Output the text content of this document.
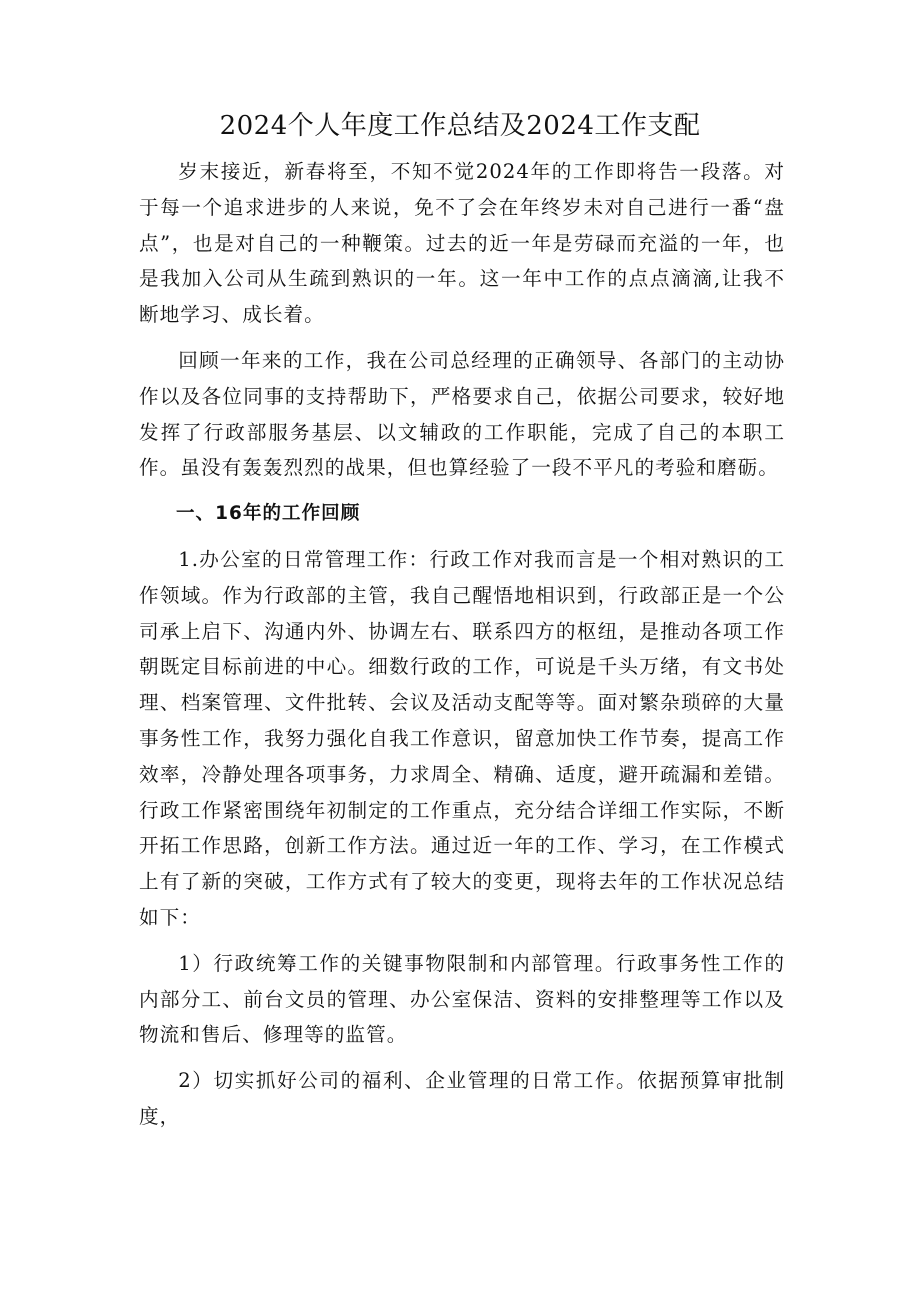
2024个人年度工作总结及2024工作支配

岁末接近，新春将至，不知不觉2024年的工作即将告一段落。对于每一个追求进步的人来说，免不了会在年终岁未对自己进行一番“盘点”，也是对自己的一种鞭策。过去的近一年是劳碌而充溢的一年，也是我加入公司从生疏到熟识的一年。这一年中工作的点点滴滴,让我不断地学习、成长着。

回顾一年来的工作，我在公司总经理的正确领导、各部门的主动协作以及各位同事的支持帮助下，严格要求自己，依据公司要求，较好地发挥了行政部服务基层、以文辅政的工作职能，完成了自己的本职工作。虽没有轰轰烈烈的战果，但也算经验了一段不平凡的考验和磨砺。

一、16年的工作回顾

1.办公室的日常管理工作：行政工作对我而言是一个相对熟识的工作领域。作为行政部的主管，我自己醒悟地相识到，行政部正是一个公司承上启下、沟通内外、协调左右、联系四方的枢纽，是推动各项工作朝既定目标前进的中心。细数行政的工作，可说是千头万绪，有文书处理、档案管理、文件批转、会议及活动支配等等。面对繁杂琐碎的大量事务性工作，我努力强化自我工作意识，留意加快工作节奏，提高工作效率，冷静处理各项事务，力求周全、精确、适度，避开疏漏和差错。行政工作紧密围绕年初制定的工作重点，充分结合详细工作实际，不断开拓工作思路，创新工作方法。通过近一年的工作、学习，在工作模式上有了新的突破，工作方式有了较大的变更，现将去年的工作状况总结如下：

1）行政统筹工作的关键事物限制和内部管理。行政事务性工作的内部分工、前台文员的管理、办公室保洁、资料的安排整理等工作以及物流和售后、修理等的监管。

2）切实抓好公司的福利、企业管理的日常工作。依据预算审批制度，
